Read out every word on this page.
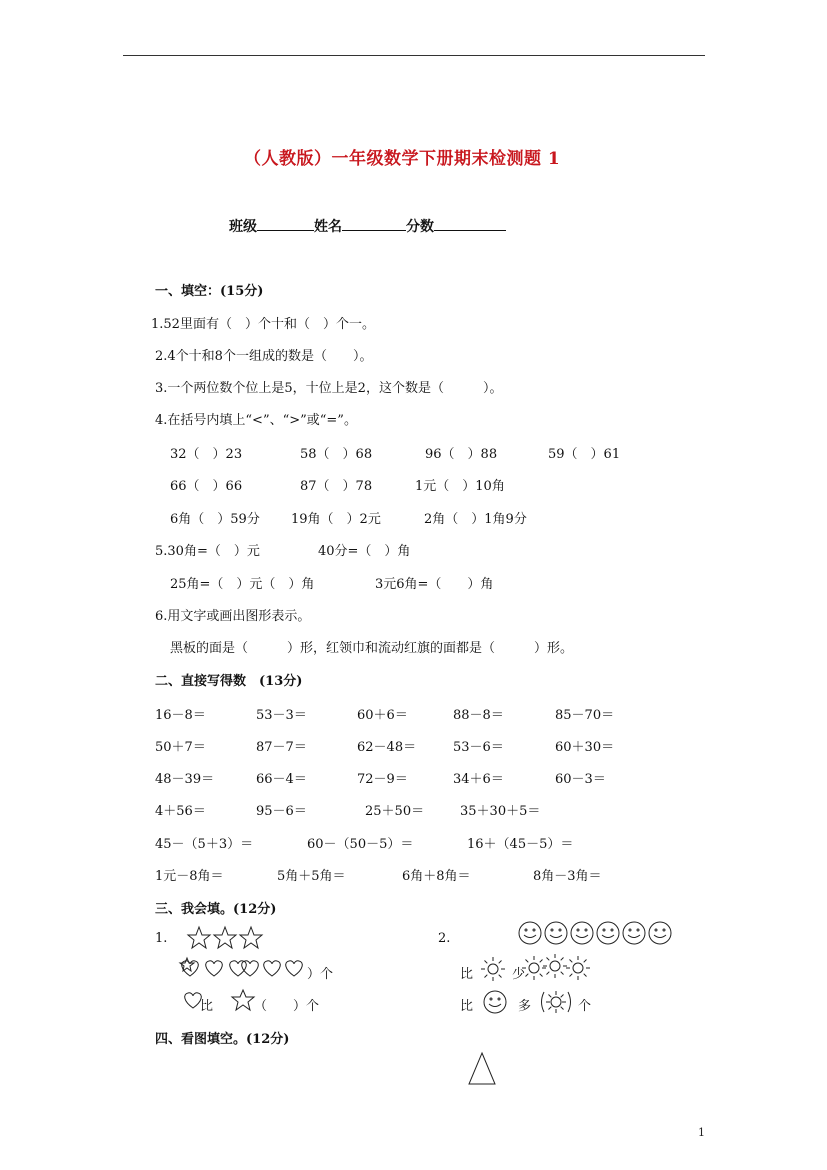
（人教版）一年级数学下册期末检测题 1
班级	姓名	分数
一、填空：(15分)
1.52里面有（　）个十和（　）个一。
2.4个十和8个一组成的数是（　　）。
3.一个两位数个位上是5，十位上是2，这个数是（　　　）。
4.在括号内填上“<”、“>”或“=”。
32（　）23	58（　）68	96（　）88	59（　）61
66（　）66	87（　）78	1元（　）10角
6角（　）59分 19角（　）2元	2角（　）1角9分
5.30角=（　）元	40分=（　）角
25角=（　）元（　）角	3元6角=（　　）角
6.用文字或画出图形表示。
黑板的面是（　　　）形，红领巾和流动红旗的面都是（　　　）形。
二、直接写得数　(13分)
16－8＝	53－3＝	60＋6＝	88－8＝	85－70＝
50＋7＝	87－7＝	62－48＝	53－6＝	60＋30＝
48－39＝	66－4＝	72－9＝	34＋6＝	60－3＝
4＋56＝	95－6＝	25＋50＝	35＋30＋5＝
45－（5＋3）＝	60－（50－5）＝	16＋（45－5）＝
1元－8角＝	5角＋5角＝	6角＋8角＝	8角－3角＝
三、我会填。(12分)
1.
）个
比	（　　）个
2.
比	少
比	多	个
四、看图填空。(12分)
1
